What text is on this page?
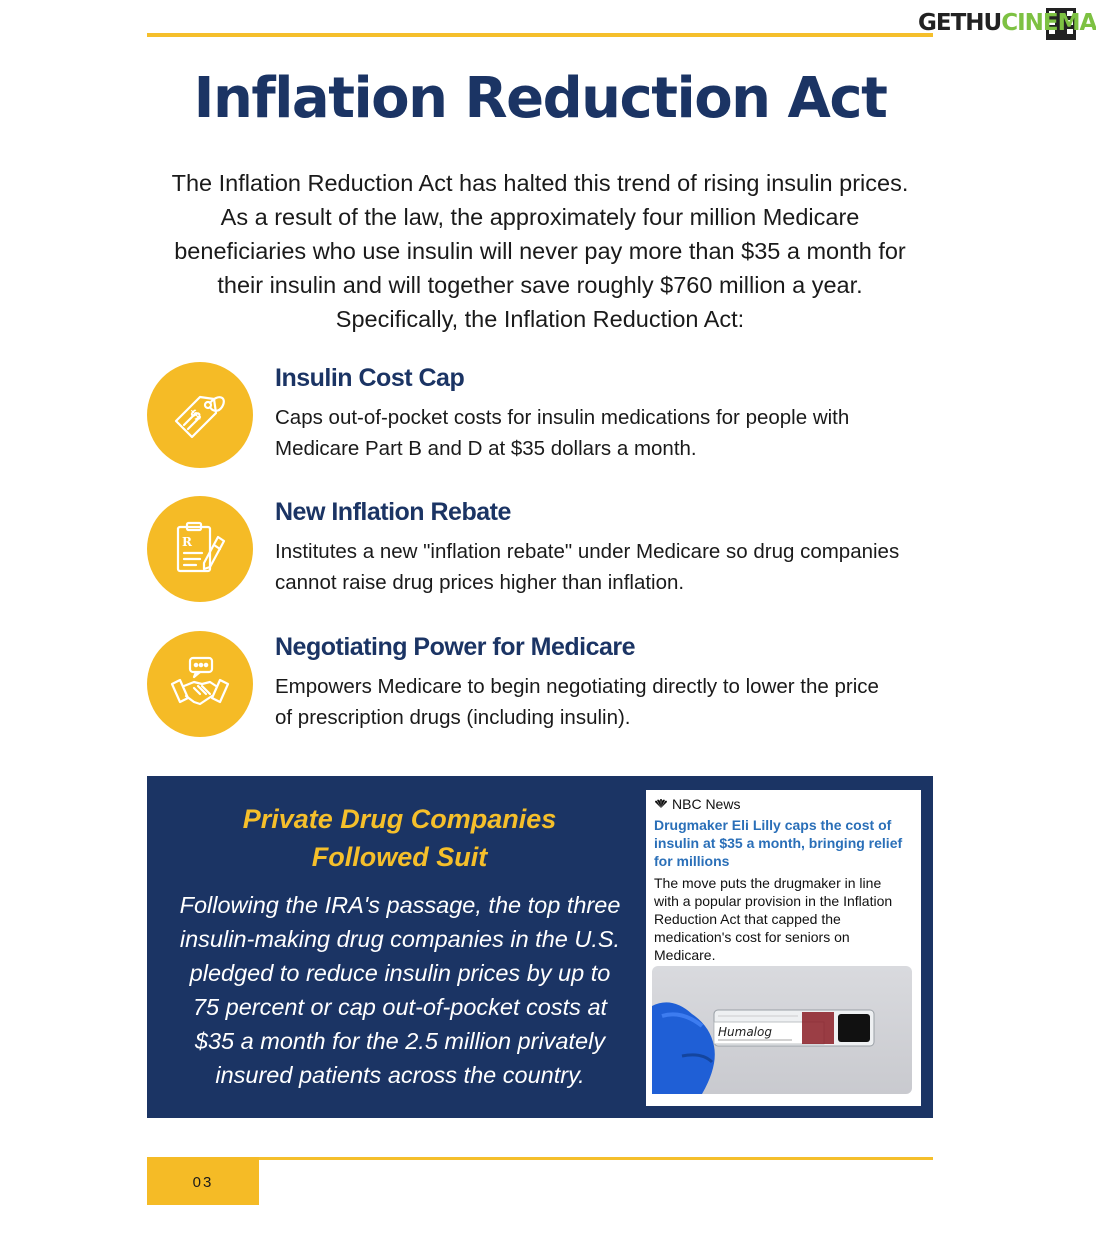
GETHUCINEMA
Inflation Reduction Act
The Inflation Reduction Act has halted this trend of rising insulin prices.
As a result of the law, the approximately four million Medicare
beneficiaries who use insulin will never pay more than $35 a month for
their insulin and will together save roughly $760 million a year.
Specifically, the Inflation Reduction Act:
$
Insulin Cost Cap
Caps out-of-pocket costs for insulin medications for people with
Medicare Part B and D at $35 dollars a month.
R
New Inflation Rebate
Institutes a new "inflation rebate" under Medicare so drug companies
cannot raise drug prices higher than inflation.
Negotiating Power for Medicare
Empowers Medicare to begin negotiating directly to lower the price
of prescription drugs (including insulin).
Private Drug Companies
Followed Suit
Following the IRA's passage, the top three
insulin-making drug companies in the U.S.
pledged to reduce insulin prices by up to
75 percent or cap out-of-pocket costs at
$35 a month for the 2.5 million privately
insured patients across the country.
NBC News
Drugmaker Eli Lilly caps the cost of
insulin at $35 a month, bringing relief
for millions
The move puts the drugmaker in line
with a popular provision in the Inflation
Reduction Act that capped the
medication's cost for seniors on
Medicare.
Humalog
03
